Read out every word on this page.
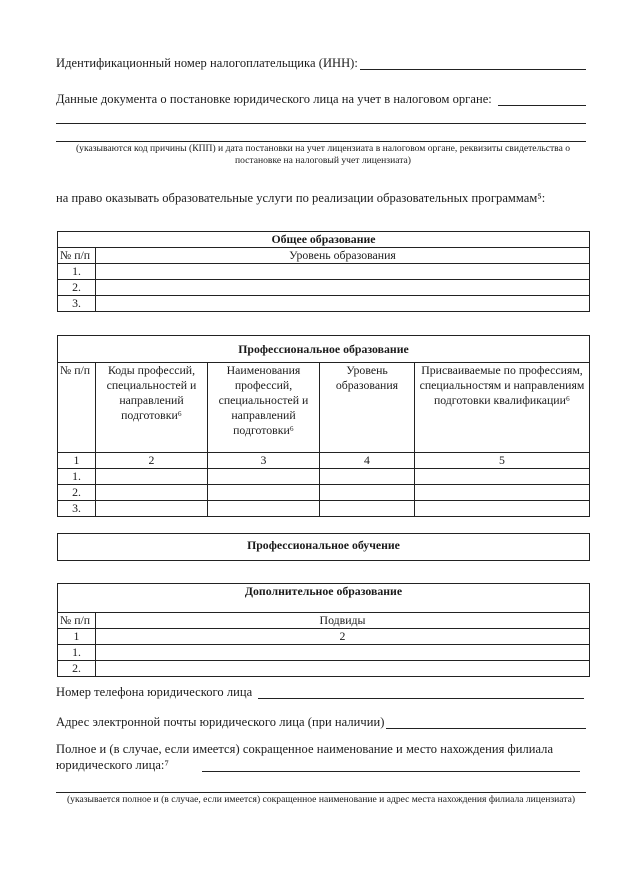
Идентификационный номер налогоплательщика (ИНН):
Данные документа о постановке юридического лица на учет в налоговом органе:
(указываются код причины (КПП) и дата постановки на учет лицензиата в налоговом органе, реквизиты свидетельства о постановке на налоговый учет лицензиата)
на право оказывать образовательные услуги по реализации образовательных программам⁵:
Общее образование	
№ п/п	Уровень образования
1.	
2.	
3.	
Профессиональное образование				
№ п/п	Коды профессий, специальностей и направлений подготовки⁶	Наименования профессий, специальностей и направлений подготовки⁶	Уровень образования	Присваиваемые по профессиям, специальностям и направлениям подготовки квалификации⁶
1	2	3	4	5
1.				
2.				
3.				
Профессиональное обучение
Дополнительное образование	
№ п/п	Подвиды
1	2
1.	
2.	
Номер телефона юридического лица
Адрес электронной почты юридического лица (при наличии)
Полное и (в случае, если имеется) сокращенное наименование и место нахождения филиала
юридического лица:⁷
(указывается полное и (в случае, если имеется) сокращенное наименование и адрес места нахождения филиала лицензиата)
